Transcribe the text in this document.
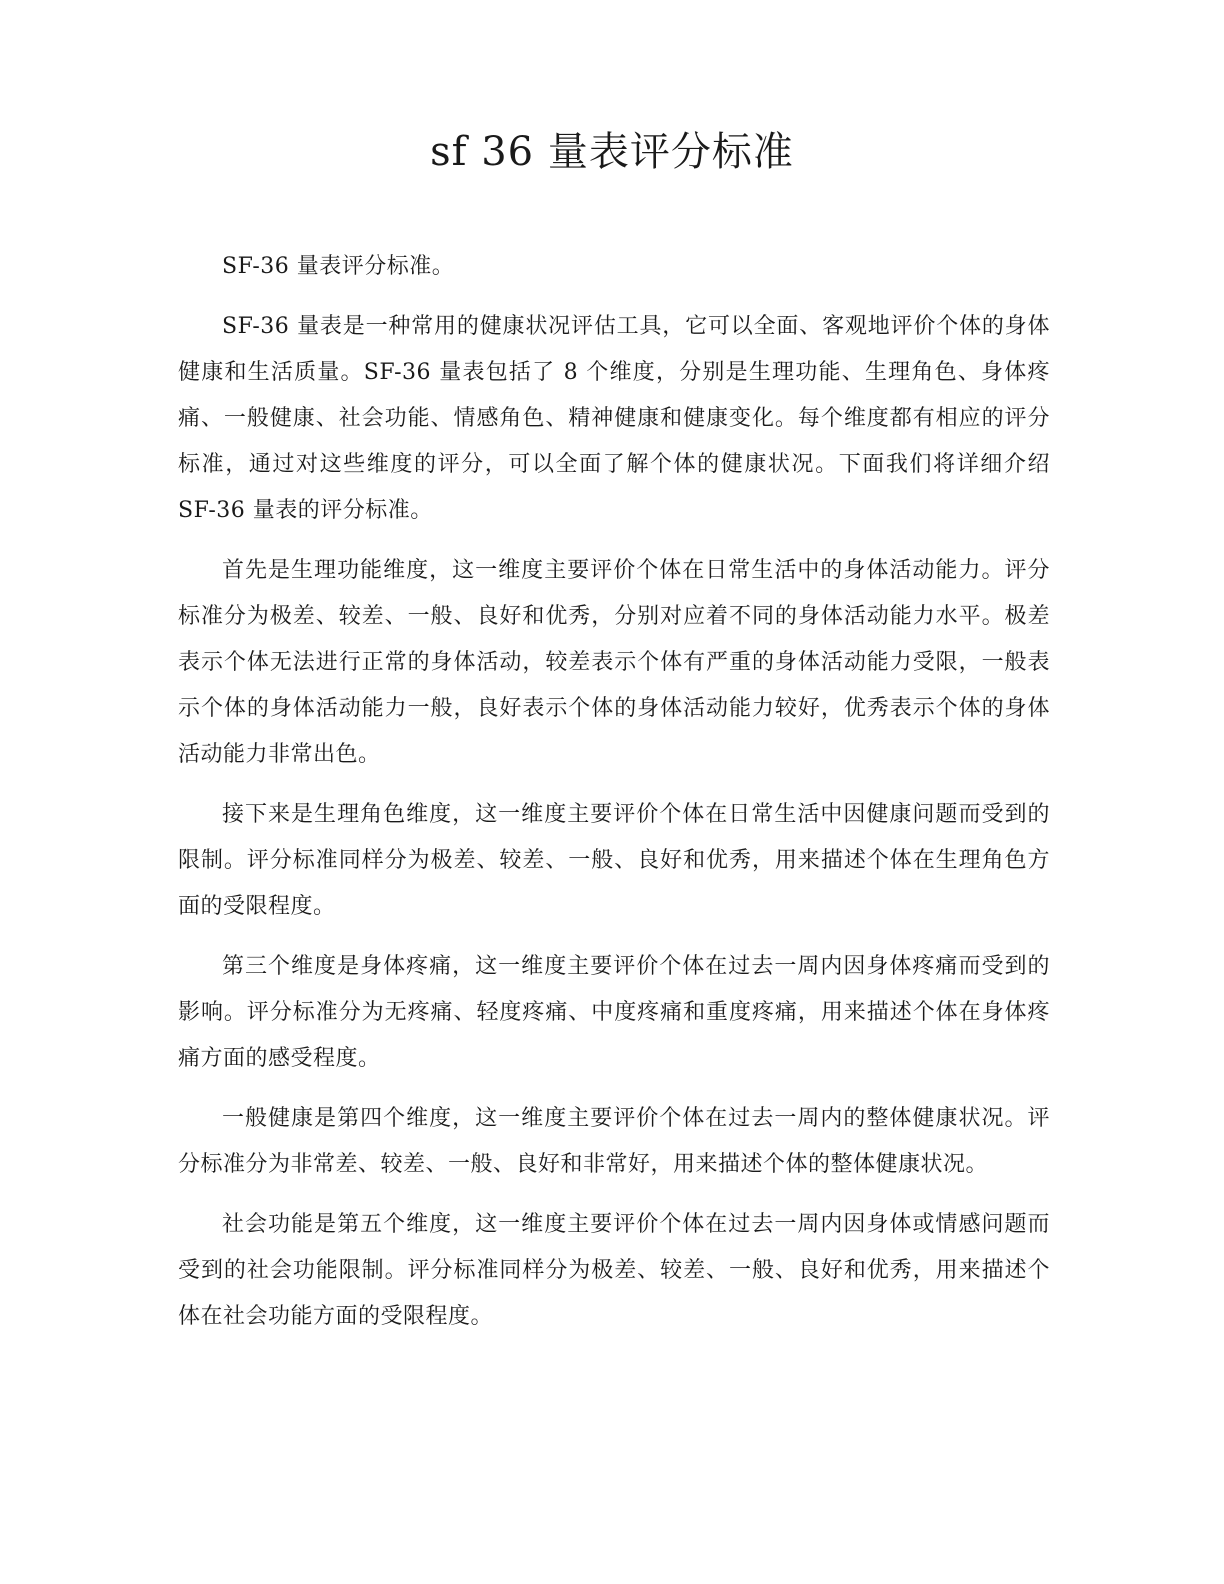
sf 36 量表评分标准

SF-36 量表评分标准。

SF-36 量表是一种常用的健康状况评估工具，它可以全面、客观地评价个体的身体健康和生活质量。SF-36 量表包括了 8 个维度，分别是生理功能、生理角色、身体疼痛、一般健康、社会功能、情感角色、精神健康和健康变化。每个维度都有相应的评分标准，通过对这些维度的评分，可以全面了解个体的健康状况。下面我们将详细介绍 SF-36 量表的评分标准。

首先是生理功能维度，这一维度主要评价个体在日常生活中的身体活动能力。评分标准分为极差、较差、一般、良好和优秀，分别对应着不同的身体活动能力水平。极差表示个体无法进行正常的身体活动，较差表示个体有严重的身体活动能力受限，一般表示个体的身体活动能力一般，良好表示个体的身体活动能力较好，优秀表示个体的身体活动能力非常出色。

接下来是生理角色维度，这一维度主要评价个体在日常生活中因健康问题而受到的限制。评分标准同样分为极差、较差、一般、良好和优秀，用来描述个体在生理角色方面的受限程度。

第三个维度是身体疼痛，这一维度主要评价个体在过去一周内因身体疼痛而受到的影响。评分标准分为无疼痛、轻度疼痛、中度疼痛和重度疼痛，用来描述个体在身体疼痛方面的感受程度。

一般健康是第四个维度，这一维度主要评价个体在过去一周内的整体健康状况。评分标准分为非常差、较差、一般、良好和非常好，用来描述个体的整体健康状况。

社会功能是第五个维度，这一维度主要评价个体在过去一周内因身体或情感问题而受到的社会功能限制。评分标准同样分为极差、较差、一般、良好和优秀，用来描述个体在社会功能方面的受限程度。
